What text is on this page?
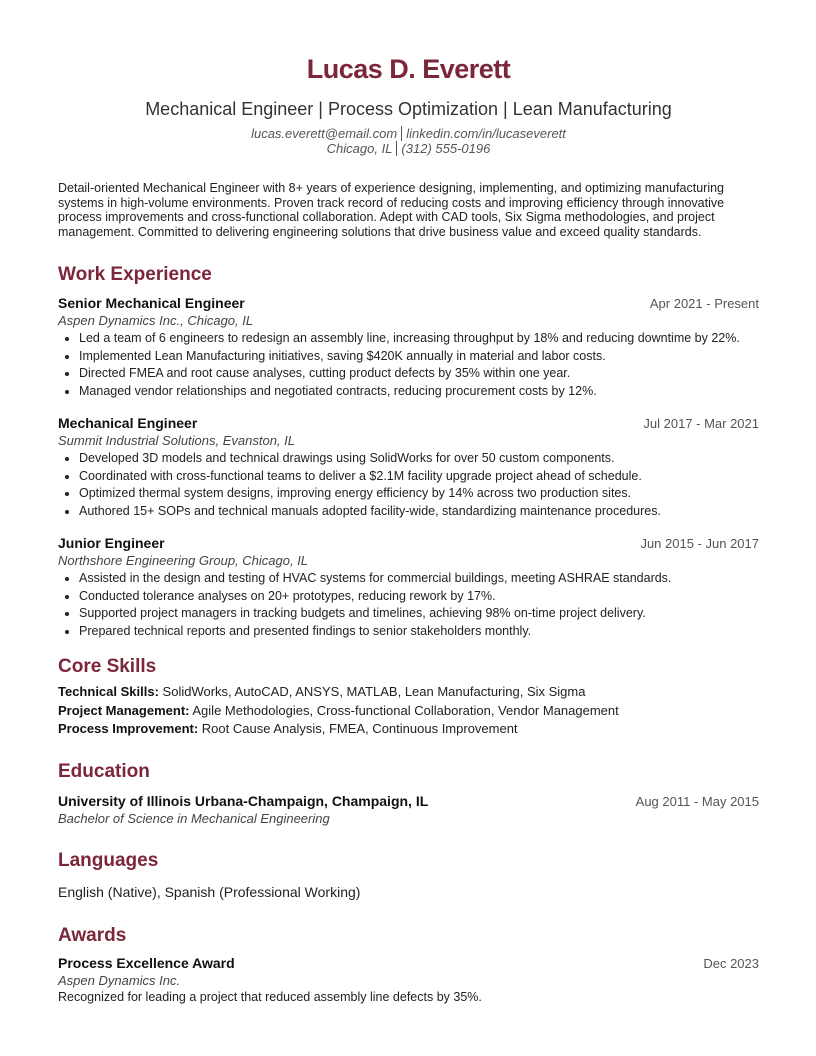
Lucas D. Everett
Mechanical Engineer | Process Optimization | Lean Manufacturing
lucas.everett@email.com linkedin.com/in/lucaseverett
Chicago, IL (312) 555-0196
Detail-oriented Mechanical Engineer with 8+ years of experience designing, implementing, and optimizing manufacturing systems in high-volume environments. Proven track record of reducing costs and improving efficiency through innovative process improvements and cross-functional collaboration. Adept with CAD tools, Six Sigma methodologies, and project management. Committed to delivering engineering solutions that drive business value and exceed quality standards.
Work Experience
Senior Mechanical Engineer	Apr 2021 - Present
Aspen Dynamics Inc., Chicago, IL
• Led a team of 6 engineers to redesign an assembly line, increasing throughput by 18% and reducing downtime by 22%.
• Implemented Lean Manufacturing initiatives, saving $420K annually in material and labor costs.
• Directed FMEA and root cause analyses, cutting product defects by 35% within one year.
• Managed vendor relationships and negotiated contracts, reducing procurement costs by 12%.
Mechanical Engineer	Jul 2017 - Mar 2021
Summit Industrial Solutions, Evanston, IL
• Developed 3D models and technical drawings using SolidWorks for over 50 custom components.
• Coordinated with cross-functional teams to deliver a $2.1M facility upgrade project ahead of schedule.
• Optimized thermal system designs, improving energy efficiency by 14% across two production sites.
• Authored 15+ SOPs and technical manuals adopted facility-wide, standardizing maintenance procedures.
Junior Engineer	Jun 2015 - Jun 2017
Northshore Engineering Group, Chicago, IL
• Assisted in the design and testing of HVAC systems for commercial buildings, meeting ASHRAE standards.
• Conducted tolerance analyses on 20+ prototypes, reducing rework by 17%.
• Supported project managers in tracking budgets and timelines, achieving 98% on-time project delivery.
• Prepared technical reports and presented findings to senior stakeholders monthly.
Core Skills
Technical Skills: SolidWorks, AutoCAD, ANSYS, MATLAB, Lean Manufacturing, Six Sigma
Project Management: Agile Methodologies, Cross-functional Collaboration, Vendor Management
Process Improvement: Root Cause Analysis, FMEA, Continuous Improvement
Education
University of Illinois Urbana-Champaign, Champaign, IL	Aug 2011 - May 2015
Bachelor of Science in Mechanical Engineering
Languages
English (Native), Spanish (Professional Working)
Awards
Process Excellence Award	Dec 2023
Aspen Dynamics Inc.
Recognized for leading a project that reduced assembly line defects by 35%.
